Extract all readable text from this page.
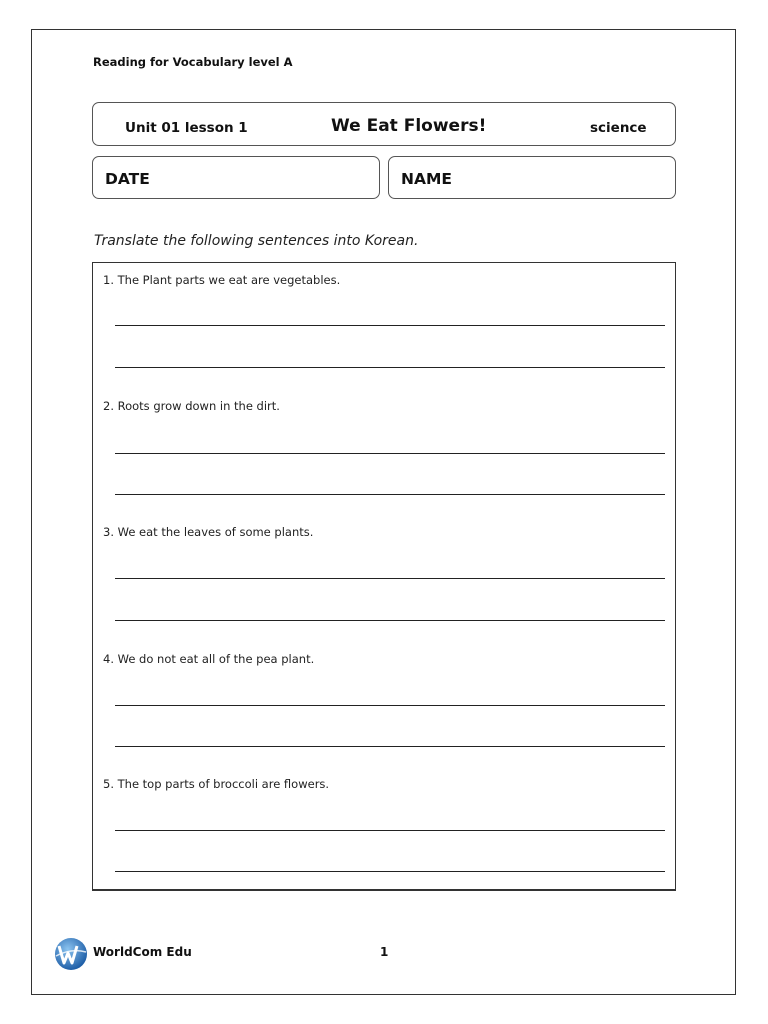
Reading for Vocabulary level A
Unit 01 lesson 1	We Eat Flowers!	science
DATE	NAME
Translate the following sentences into Korean.
1. The Plant parts we eat are vegetables.
2. Roots grow down in the dirt.
3. We eat the leaves of some plants.
4. We do not eat all of the pea plant.
5. The top parts of broccoli are flowers.
WorldCom Edu	1
